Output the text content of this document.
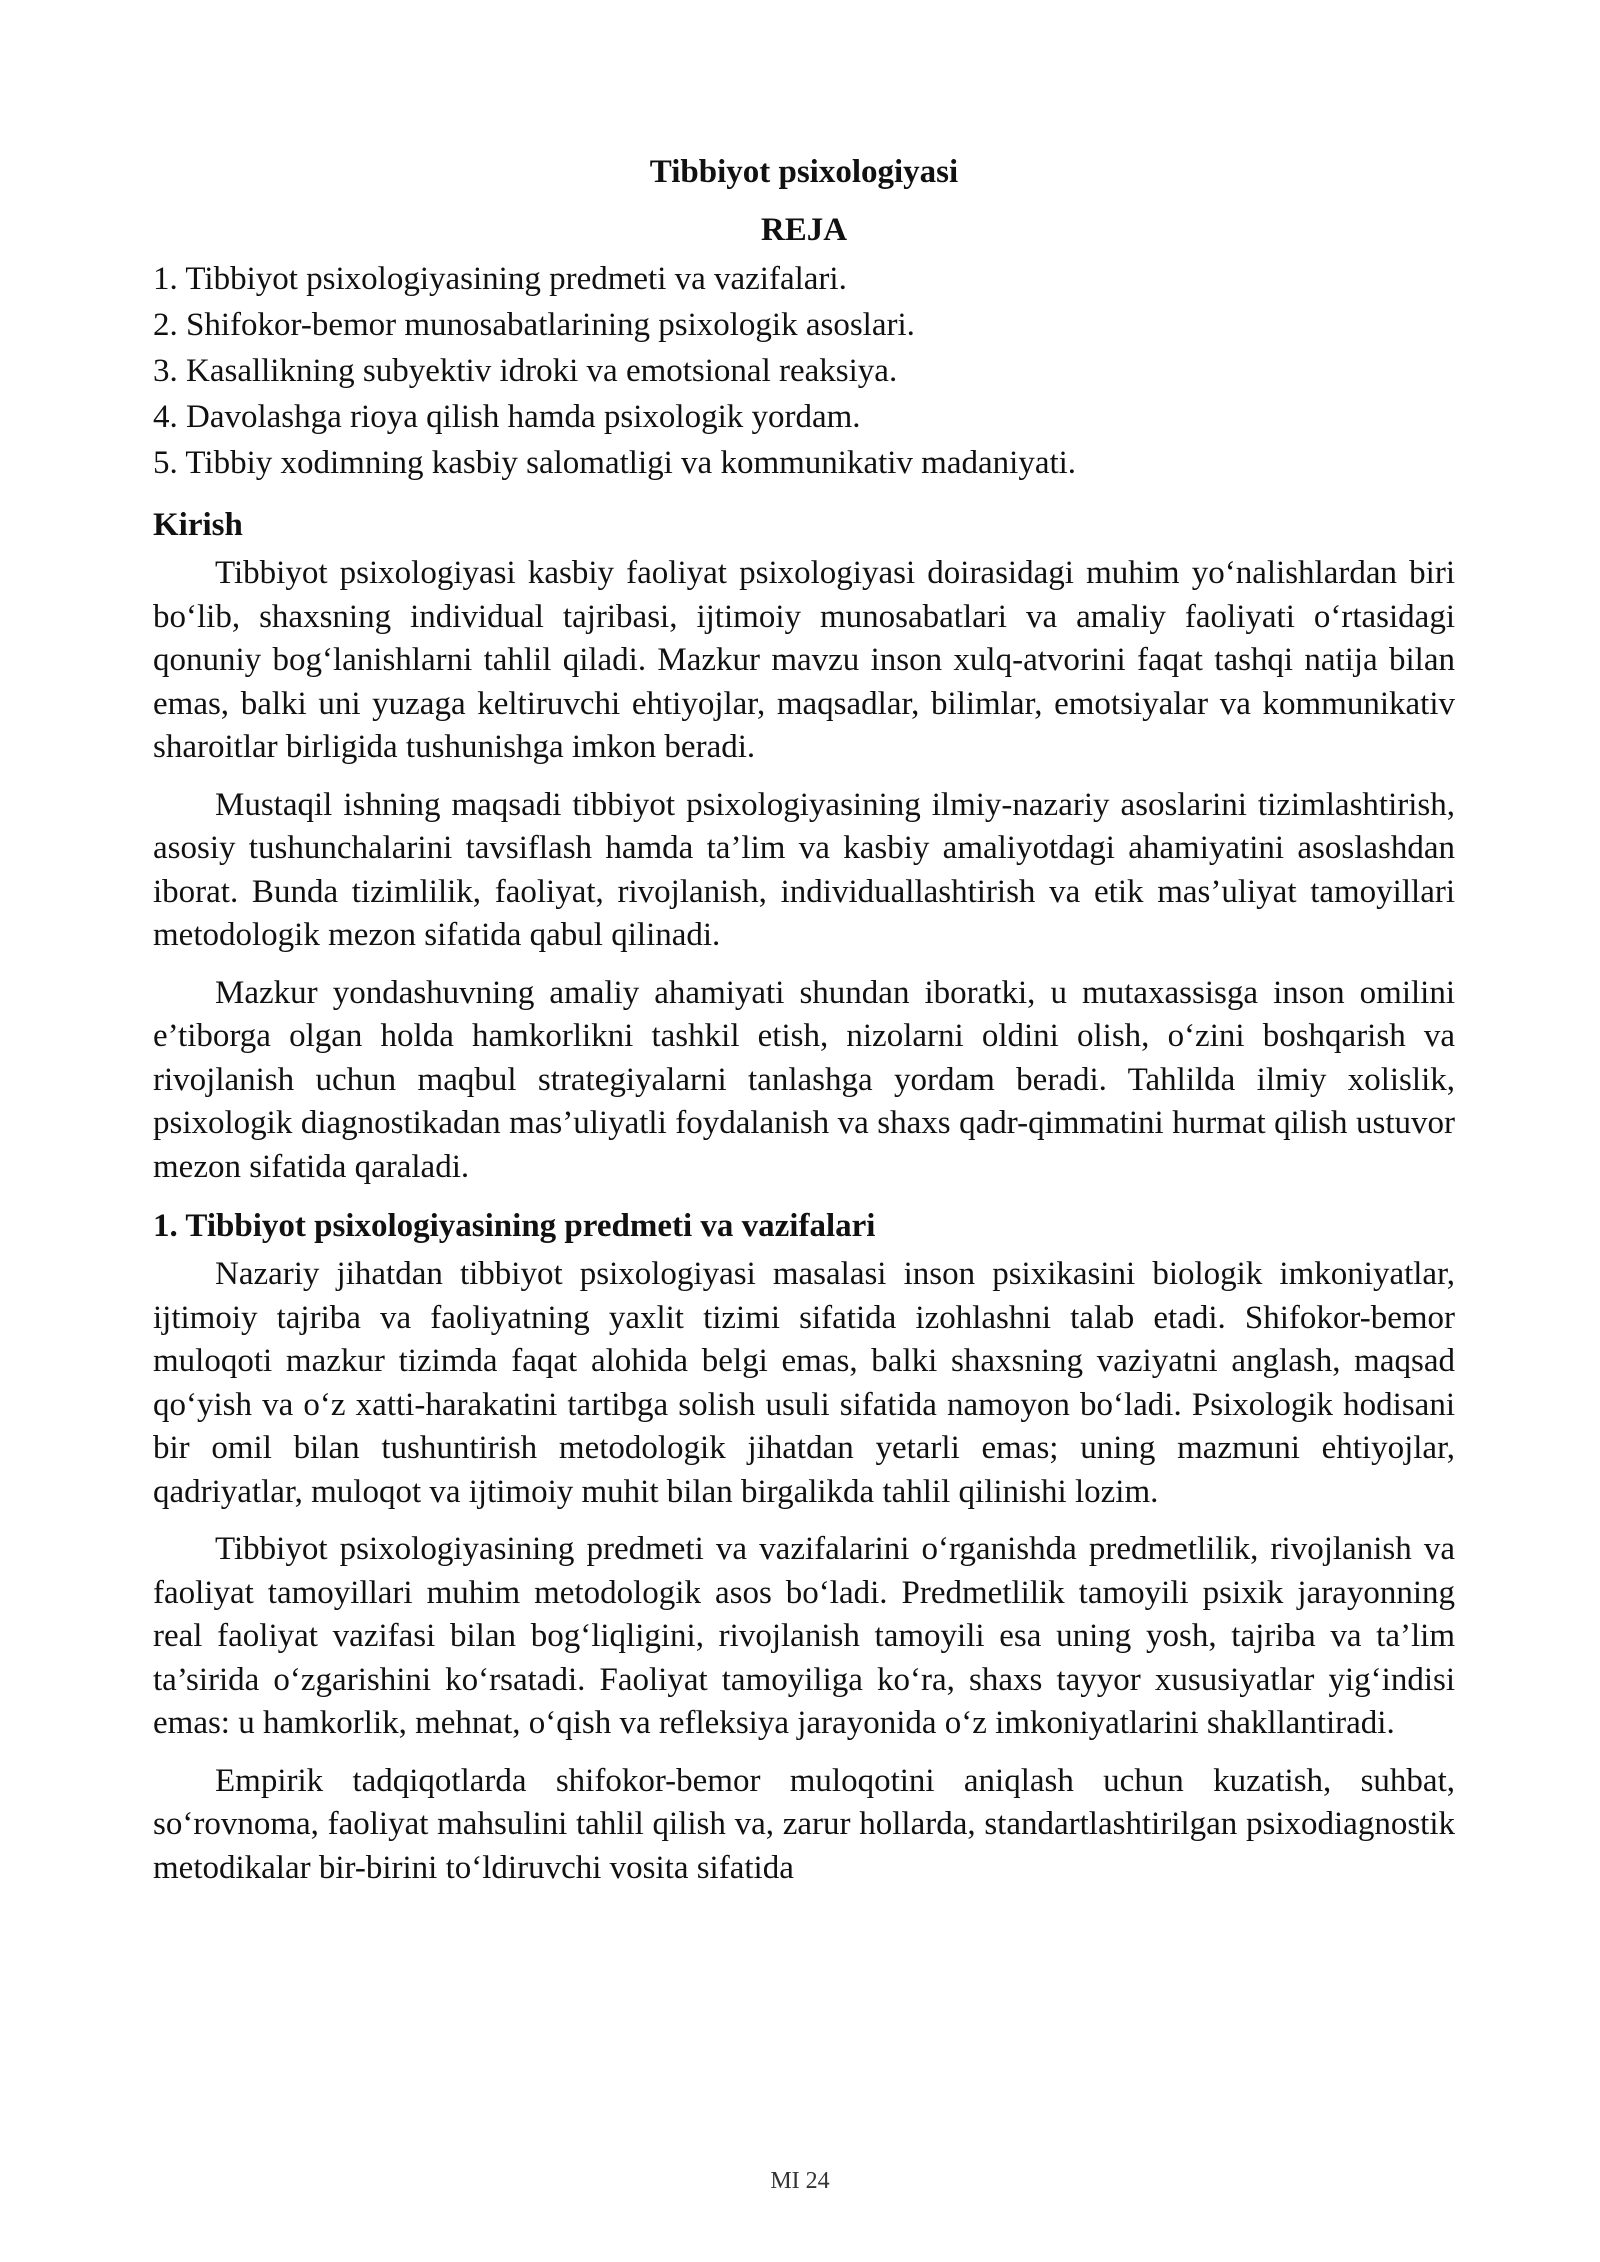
Tibbiyot psixologiyasi
REJA
1. Tibbiyot psixologiyasining predmeti va vazifalari.
2. Shifokor-bemor munosabatlarining psixologik asoslari.
3. Kasallikning subyektiv idroki va emotsional reaksiya.
4. Davolashga rioya qilish hamda psixologik yordam.
5. Tibbiy xodimning kasbiy salomatligi va kommunikativ madaniyati.
Kirish

Tibbiyot psixologiyasi kasbiy faoliyat psixologiyasi doirasidagi muhim yo‘nalishlardan biri bo‘lib, shaxsning individual tajribasi, ijtimoiy munosabatlari va amaliy faoliyati o‘rtasidagi qonuniy bog‘lanishlarni tahlil qiladi. Mazkur mavzu inson xulq-atvorini faqat tashqi natija bilan emas, balki uni yuzaga keltiruvchi ehtiyojlar, maqsadlar, bilimlar, emotsiyalar va kommunikativ sharoitlar birligida tushunishga imkon beradi.

Mustaqil ishning maqsadi tibbiyot psixologiyasining ilmiy-nazariy asoslarini tizimlashtirish, asosiy tushunchalarini tavsiflash hamda ta’lim va kasbiy amaliyotdagi ahamiyatini asoslashdan iborat. Bunda tizimlilik, faoliyat, rivojlanish, individuallashtirish va etik mas’uliyat tamoyillari metodologik mezon sifatida qabul qilinadi.

Mazkur yondashuvning amaliy ahamiyati shundan iboratki, u mutaxassisga inson omilini e’tiborga olgan holda hamkorlikni tashkil etish, nizolarni oldini olish, o‘zini boshqarish va rivojlanish uchun maqbul strategiyalarni tanlashga yordam beradi. Tahlilda ilmiy xolislik, psixologik diagnostikadan mas’uliyatli foydalanish va shaxs qadr-qimmatini hurmat qilish ustuvor mezon sifatida qaraladi.

1. Tibbiyot psixologiyasining predmeti va vazifalari

Nazariy jihatdan tibbiyot psixologiyasi masalasi inson psixikasini biologik imkoniyatlar, ijtimoiy tajriba va faoliyatning yaxlit tizimi sifatida izohlashni talab etadi. Shifokor-bemor muloqoti mazkur tizimda faqat alohida belgi emas, balki shaxsning vaziyatni anglash, maqsad qo‘yish va o‘z xatti-harakatini tartibga solish usuli sifatida namoyon bo‘ladi. Psixologik hodisani bir omil bilan tushuntirish metodologik jihatdan yetarli emas; uning mazmuni ehtiyojlar, qadriyatlar, muloqot va ijtimoiy muhit bilan birgalikda tahlil qilinishi lozim.

Tibbiyot psixologiyasining predmeti va vazifalarini o‘rganishda predmetlilik, rivojlanish va faoliyat tamoyillari muhim metodologik asos bo‘ladi. Predmetlilik tamoyili psixik jarayonning real faoliyat vazifasi bilan bog‘liqligini, rivojlanish tamoyili esa uning yosh, tajriba va ta’lim ta’sirida o‘zgarishini ko‘rsatadi. Faoliyat tamoyiliga ko‘ra, shaxs tayyor xususiyatlar yig‘indisi emas: u hamkorlik, mehnat, o‘qish va refleksiya jarayonida o‘z imkoniyatlarini shakllantiradi.

Empirik tadqiqotlarda shifokor-bemor muloqotini aniqlash uchun kuzatish, suhbat, so‘rovnoma, faoliyat mahsulini tahlil qilish va, zarur hollarda, standartlashtirilgan psixodiagnostik metodikalar bir-birini to‘ldiruvchi vosita sifatida

MI 24
